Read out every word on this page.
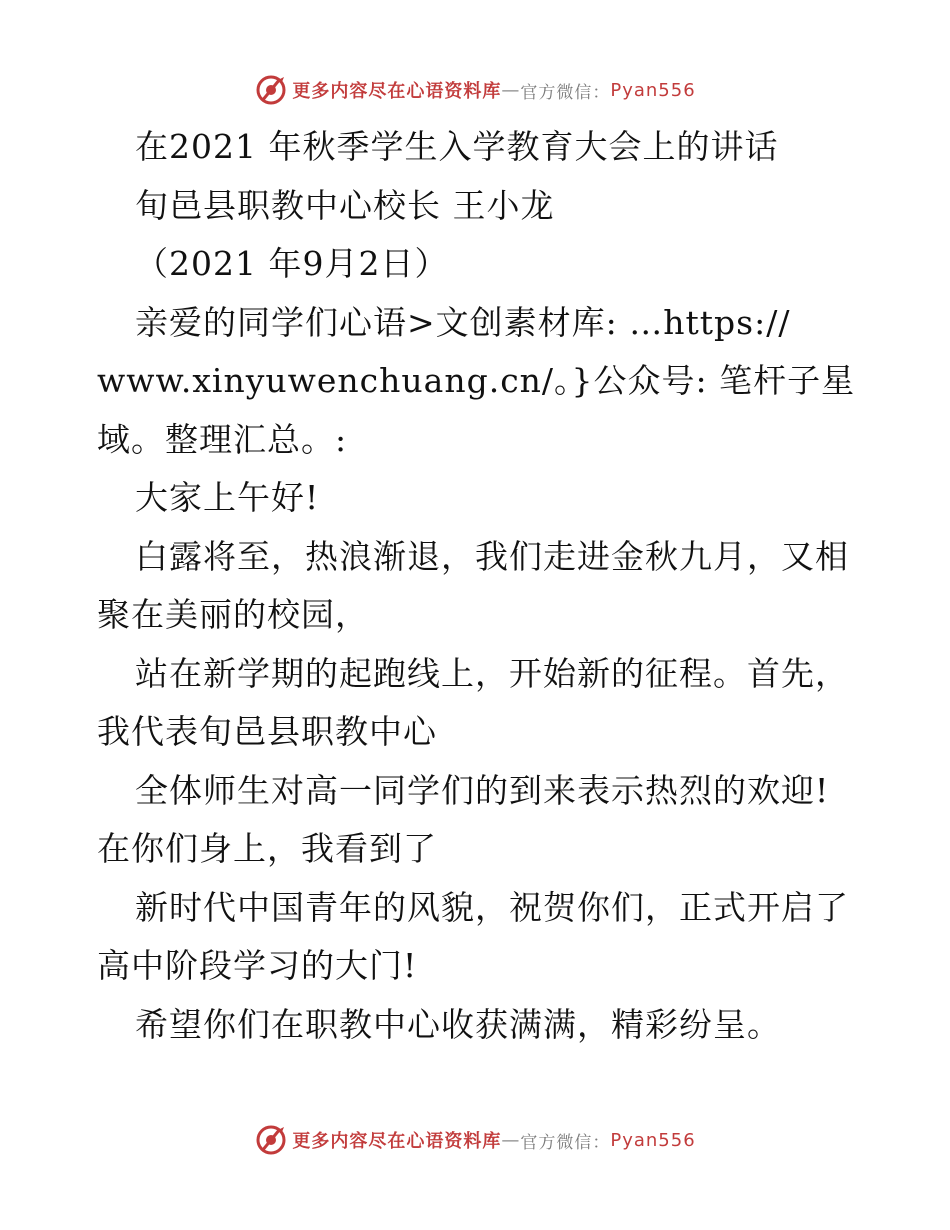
更多内容尽在心语资料库 — 官方微信： Pyan556
在2021 年秋季学生入学教育大会上的讲话
旬邑县职教中心校长 王小龙
（2021 年9月2日）
亲爱的同学们心语>文创素材库: …https://
www.xinyuwenchuang.cn/。}公众号: 笔杆子星
域。整理汇总。:
大家上午好!
白露将至，热浪渐退，我们走进金秋九月，又相
聚在美丽的校园，
站在新学期的起跑线上，开始新的征程。首先，
我代表旬邑县职教中心
全体师生对高一同学们的到来表示热烈的欢迎!
在你们身上，我看到了
新时代中国青年的风貌，祝贺你们，正式开启了
高中阶段学习的大门!
希望你们在职教中心收获满满，精彩纷呈。
更多内容尽在心语资料库 — 官方微信： Pyan556
